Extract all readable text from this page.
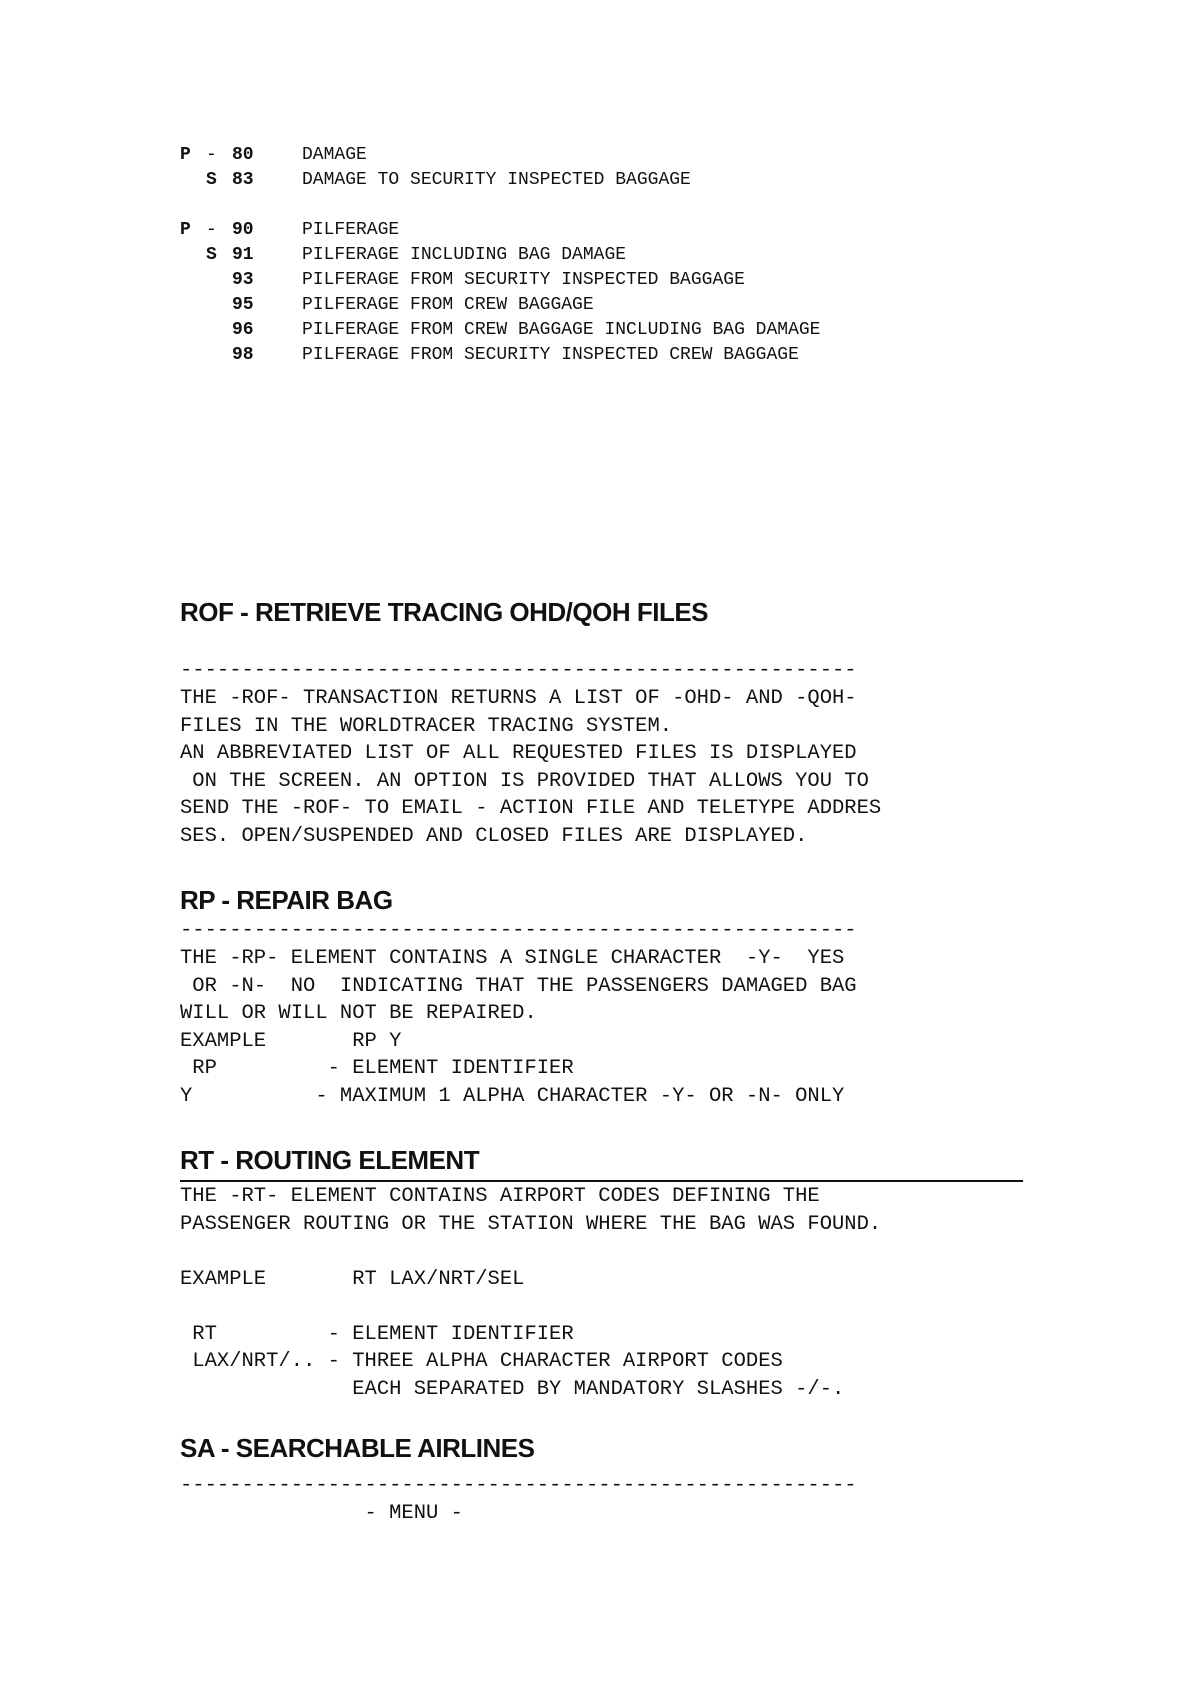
P - 80	DAMAGE
S 83	DAMAGE TO SECURITY INSPECTED BAGGAGE
P - 90	PILFERAGE
S 91	PILFERAGE INCLUDING BAG DAMAGE
93	PILFERAGE FROM SECURITY INSPECTED BAGGAGE
95	PILFERAGE FROM CREW BAGGAGE
96	PILFERAGE FROM CREW BAGGAGE INCLUDING BAG DAMAGE
98	PILFERAGE FROM SECURITY INSPECTED CREW BAGGAGE
ROF - RETRIEVE TRACING OHD/QOH FILES
-------------------------------------------------------
THE -ROF- TRANSACTION RETURNS A LIST OF -OHD- AND -QOH-
FILES IN THE WORLDTRACER TRACING SYSTEM.
AN ABBREVIATED LIST OF ALL REQUESTED FILES IS DISPLAYED
ON THE SCREEN. AN OPTION IS PROVIDED THAT ALLOWS YOU TO
SEND THE -ROF- TO EMAIL - ACTION FILE AND TELETYPE ADDRES
SES. OPEN/SUSPENDED AND CLOSED FILES ARE DISPLAYED.
RP - REPAIR BAG
-------------------------------------------------------
THE -RP- ELEMENT CONTAINS A SINGLE CHARACTER  -Y-  YES
OR -N-  NO  INDICATING THAT THE PASSENGERS DAMAGED BAG
WILL OR WILL NOT BE REPAIRED.
EXAMPLE       RP Y
RP         - ELEMENT IDENTIFIER
Y          - MAXIMUM 1 ALPHA CHARACTER -Y- OR -N- ONLY
RT - ROUTING ELEMENT
THE -RT- ELEMENT CONTAINS AIRPORT CODES DEFINING THE
PASSENGER ROUTING OR THE STATION WHERE THE BAG WAS FOUND.

EXAMPLE       RT LAX/NRT/SEL

RT         - ELEMENT IDENTIFIER
LAX/NRT/.. - THREE ALPHA CHARACTER AIRPORT CODES
EACH SEPARATED BY MANDATORY SLASHES -/-.
SA - SEARCHABLE AIRLINES
-------------------------------------------------------
- MENU -
